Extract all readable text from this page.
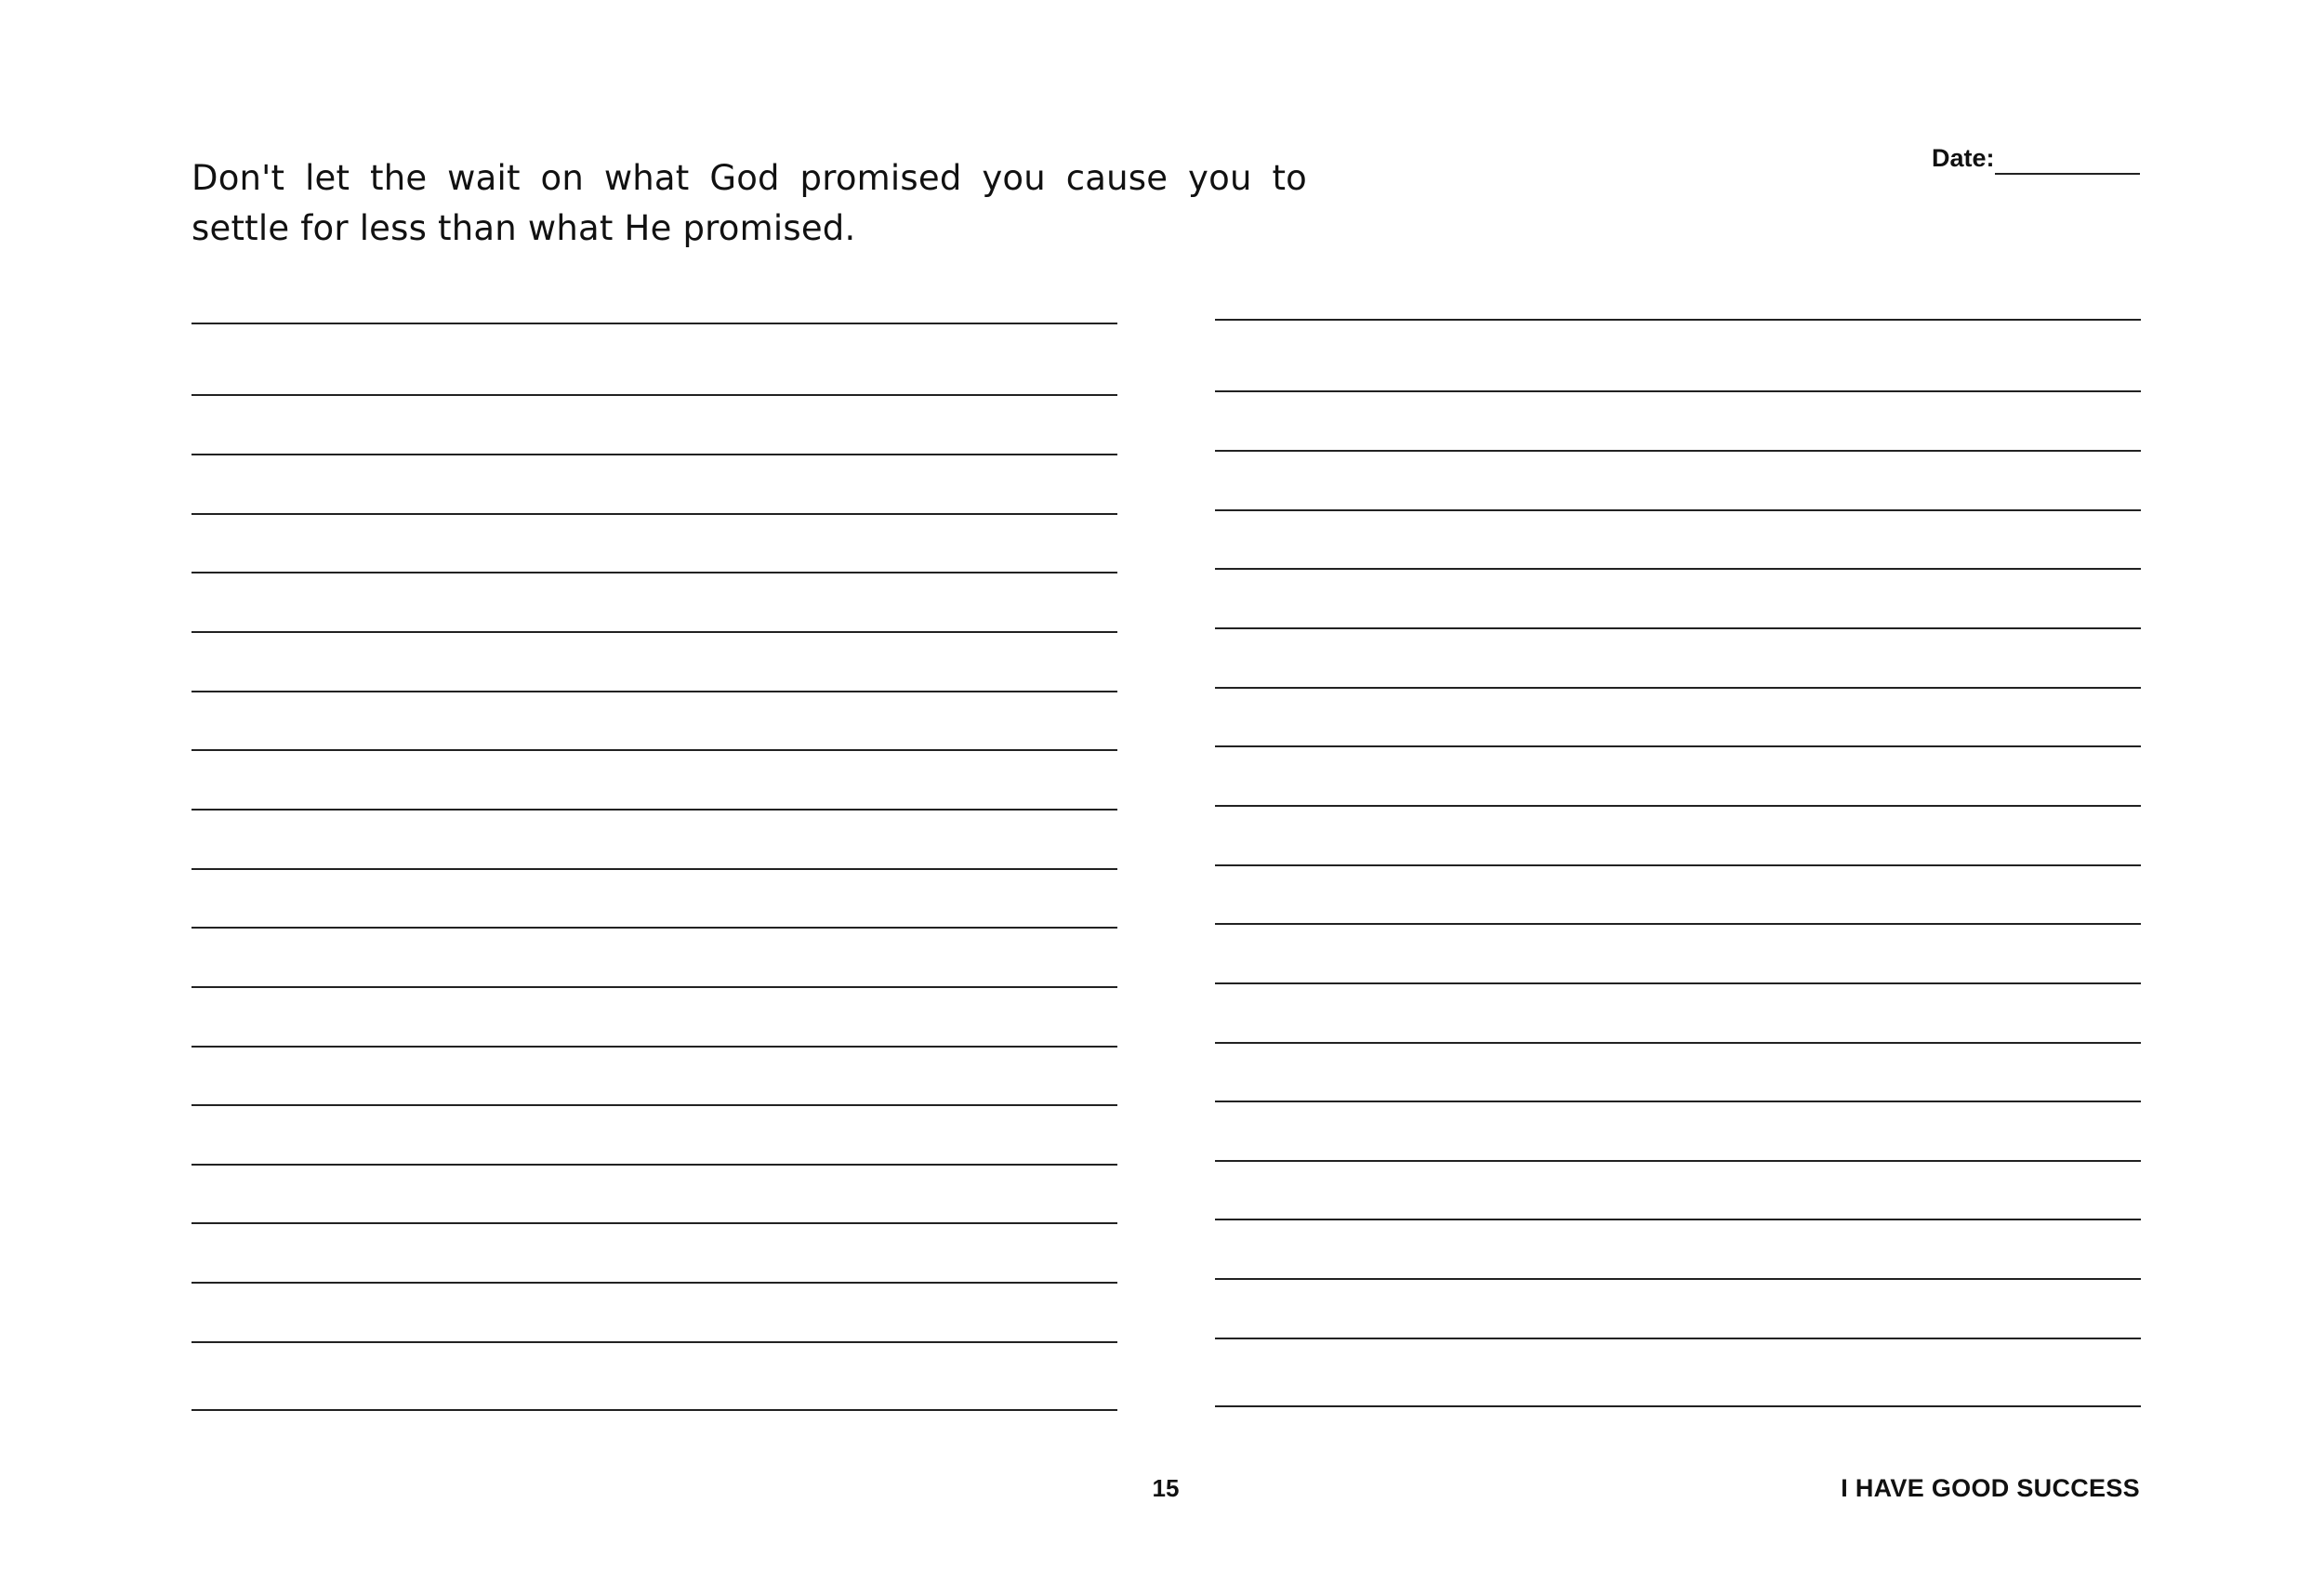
Don't let the wait on what God promised you cause you to settle for less than what He promised.
Date:
15	I HAVE GOOD SUCCESS
